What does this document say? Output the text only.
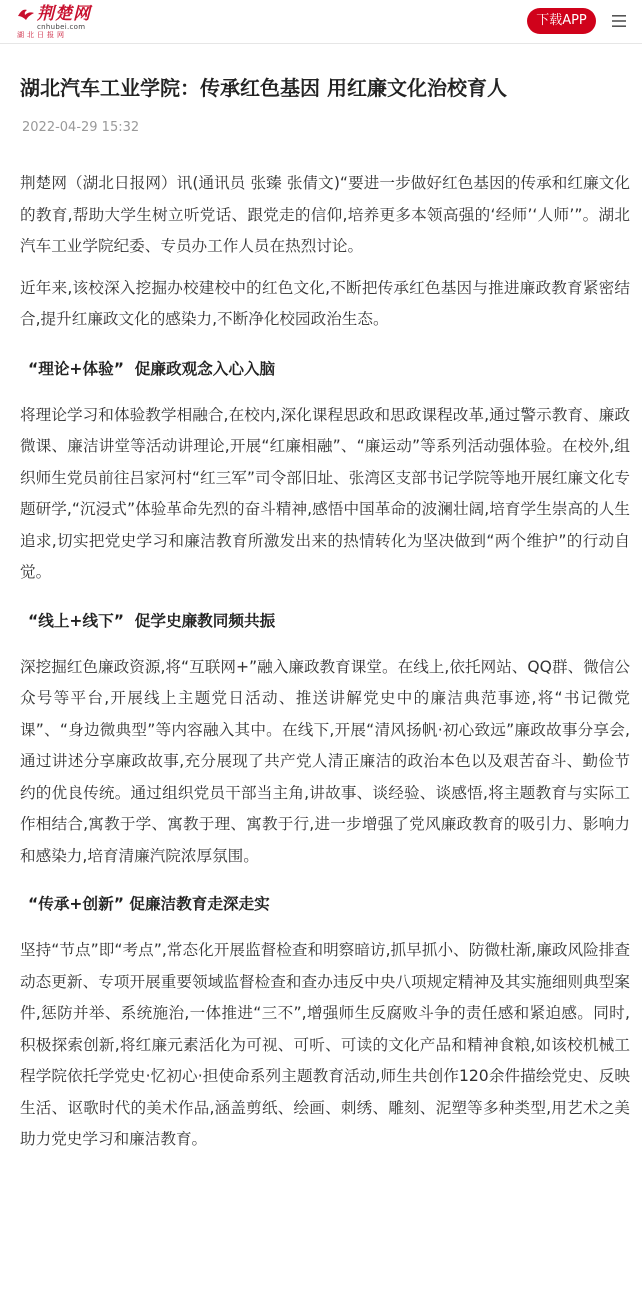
荆楚网
cnhubei.com
湖北日报网
下载APP
湖北汽车工业学院：传承红色基因 用红廉文化治校育人
2022-04-29 15:32

荆楚网（湖北日报网）讯(通讯员 张臻 张倩文)“要进一步做好红色基因的传承和红廉文化的教育,帮助大学生树立听党话、跟党走的信仰,培养更多本领高强的‘经师’‘人师’”。湖北汽车工业学院纪委、专员办工作人员在热烈讨论。

近年来,该校深入挖掘办校建校中的红色文化,不断把传承红色基因与推进廉政教育紧密结合,提升红廉政文化的感染力,不断净化校园政治生态。

“理论+体验”  促廉政观念入心入脑

将理论学习和体验教学相融合,在校内,深化课程思政和思政课程改革,通过警示教育、廉政微课、廉洁讲堂等活动讲理论,开展“红廉相融”、“廉运动”等系列活动强体验。在校外,组织师生党员前往吕家河村“红三军”司令部旧址、张湾区支部书记学院等地开展红廉文化专题研学,“沉浸式”体验革命先烈的奋斗精神,感悟中国革命的波澜壮阔,培育学生崇高的人生追求,切实把党史学习和廉洁教育所激发出来的热情转化为坚决做到“两个维护”的行动自觉。

“线上+线下”  促学史廉教同频共振

深挖掘红色廉政资源,将“互联网+”融入廉政教育课堂。在线上,依托网站、QQ群、微信公众号等平台,开展线上主题党日活动、推送讲解党史中的廉洁典范事迹,将“书记微党课”、“身边微典型”等内容融入其中。在线下,开展“清风扬帆·初心致远”廉政故事分享会,通过讲述分享廉政故事,充分展现了共产党人清正廉洁的政治本色以及艰苦奋斗、勤俭节约的优良传统。通过组织党员干部当主角,讲故事、谈经验、谈感悟,将主题教育与实际工作相结合,寓教于学、寓教于理、寓教于行,进一步增强了党风廉政教育的吸引力、影响力和感染力,培育清廉汽院浓厚氛围。

“传承+创新” 促廉洁教育走深走实

坚持“节点”即“考点”,常态化开展监督检查和明察暗访,抓早抓小、防微杜渐,廉政风险排查动态更新、专项开展重要领域监督检查和查办违反中央八项规定精神及其实施细则典型案件,惩防并举、系统施治,一体推进“三不”,增强师生反腐败斗争的责任感和紧迫感。同时,积极探索创新,将红廉元素活化为可视、可听、可读的文化产品和精神食粮,如该校机械工程学院依托学党史·忆初心·担使命系列主题教育活动,师生共创作120余件描绘党史、反映生活、讴歌时代的美术作品,涵盖剪纸、绘画、刺绣、雕刻、泥塑等多种类型,用艺术之美助力党史学习和廉洁教育。
